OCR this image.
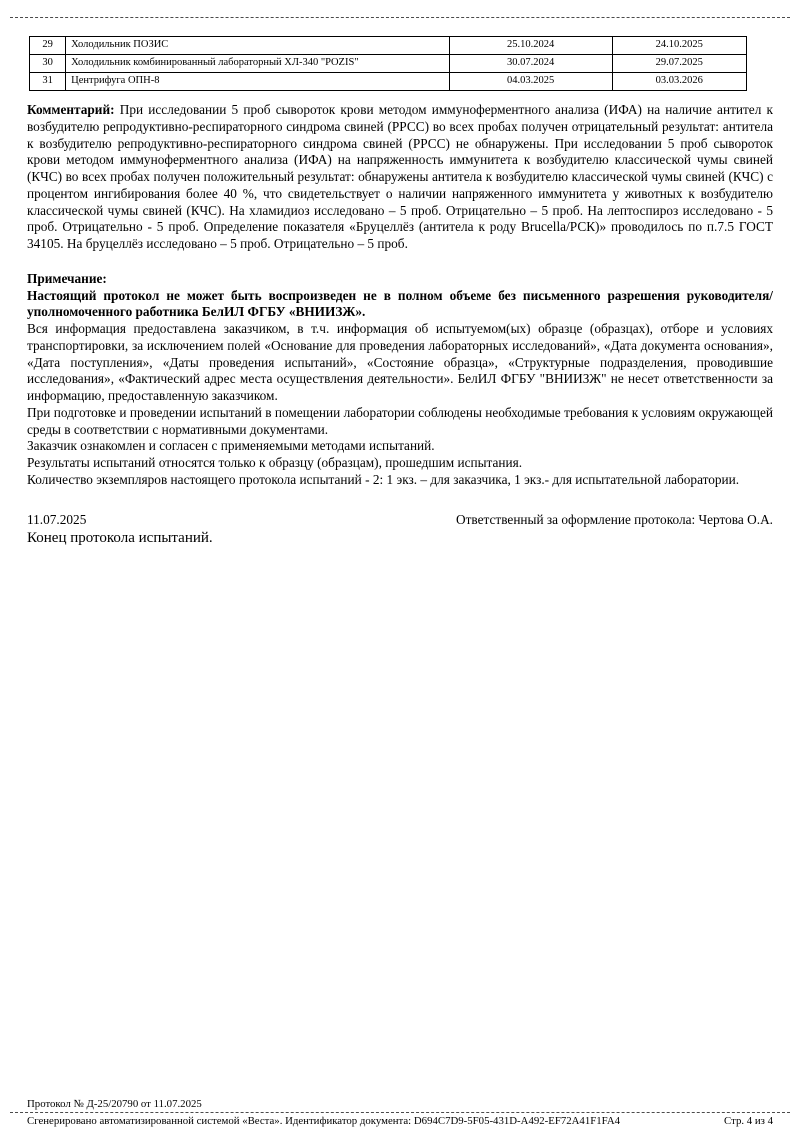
29	Холодильник ПОЗИС	25.10.2024	24.10.2025
30	Холодильник комбинированный лабораторный ХЛ-340 "POZIS"	30.07.2024	29.07.2025
31	Центрифуга ОПН-8	04.03.2025	03.03.2026

Комментарий: При исследовании 5 проб сывороток крови методом иммуноферментного анализа (ИФА) на наличие антител к возбудителю репродуктивно-респираторного синдрома свиней (РРСС) во всех пробах получен отрицательный результат: антитела к возбудителю репродуктивно-респираторного синдрома свиней (РРСС) не обнаружены. При исследовании 5 проб сывороток крови методом иммуноферментного анализа (ИФА) на напряженность иммунитета к возбудителю классической чумы свиней (КЧС) во всех пробах получен положительный результат: обнаружены антитела к возбудителю классической чумы свиней (КЧС) с процентом ингибирования более 40 %, что свидетельствует о наличии напряженного иммунитета у животных к возбудителю классической чумы свиней (КЧС). На хламидиоз исследовано – 5 проб. Отрицательно – 5 проб. На лептоспироз исследовано - 5 проб. Отрицательно - 5 проб. Определение показателя «Бруцеллёз (антитела к роду Brucella/РСК)» проводилось по п.7.5 ГОСТ 34105. На бруцеллёз исследовано – 5 проб. Отрицательно – 5 проб.

Примечание:

Настоящий протокол не может быть воспроизведен не в полном объеме без письменного разрешения руководителя/уполномоченного работника БелИЛ ФГБУ «ВНИИЗЖ».

Вся информация предоставлена заказчиком, в т.ч. информация об испытуемом(ых) образце (образцах), отборе и условиях транспортировки, за исключением полей «Основание для проведения лабораторных исследований», «Дата документа основания», «Дата поступления», «Даты проведения испытаний», «Состояние образца», «Структурные подразделения, проводившие исследования», «Фактический адрес места осуществления деятельности». БелИЛ ФГБУ "ВНИИЗЖ" не несет ответственности за информацию, предоставленную заказчиком.

При подготовке и проведении испытаний в помещении лаборатории соблюдены необходимые требования к условиям окружающей среды в соответствии с нормативными документами.

Заказчик ознакомлен и согласен с применяемыми методами испытаний.

Результаты испытаний относятся только к образцу (образцам), прошедшим испытания.

Количество экземпляров настоящего протокола испытаний - 2: 1 экз. – для заказчика, 1 экз.- для испытательной лаборатории.

11.07.2025	Ответственный за оформление протокола: Чертова О.А.
Конец протокола испытаний.
Протокол № Д-25/20790 от 11.07.2025
Сгенерировано автоматизированной системой «Веста». Идентификатор документа: D694C7D9-5F05-431D-A492-EF72A41F1FA4	Стр. 4 из 4
